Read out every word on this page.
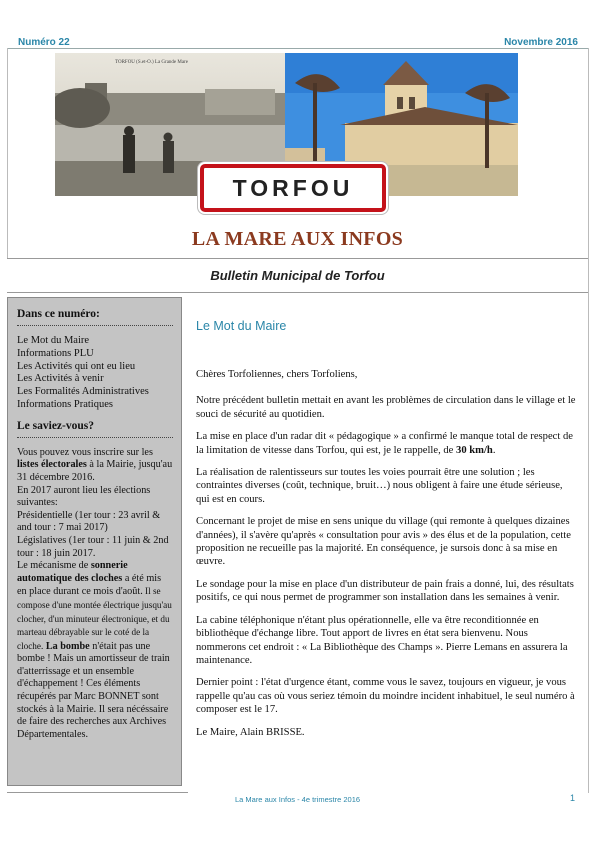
Numéro 22	Novembre 2016
TORFOU (S.et-O.) La Grande Mare
TORFOU
LA MARE AUX INFOS
Bulletin Municipal de Torfou
Dans ce numéro:
Le Mot du Maire
Informations PLU
Les Activités qui ont eu lieu
Les Activités à venir
Les Formalités Administratives
Informations Pratiques
Le saviez-vous?
Vous pouvez vous inscrire sur les listes électorales à la Mairie, jusqu'au 31 décembre 2016.
En 2017 auront lieu les élections suivantes:
Présidentielle (1er tour : 23 avril & and tour : 7 mai 2017)
Législatives (1er tour : 11 juin & 2nd tour : 18 juin 2017.
Le mécanisme de sonnerie automatique des cloches a été mis en place durant ce mois d'août. Il se compose d'une montée électrique jusqu'au clocher, d'un minuteur électronique, et du marteau débrayable sur le coté de la cloche. La bombe n'était pas une bombe ! Mais un amortisseur de train d'atterrissage et un ensemble d'échappement ! Ces éléments récupérés par Marc BONNET sont stockés à la Mairie. Il sera nécéssaire de faire des recherches aux Archives Départementales.
Le Mot du Maire

Chères Torfoliennes, chers Torfoliens,

Notre précédent bulletin mettait en avant les problèmes de circulation dans le village et le souci de sécurité au quotidien.

La mise en place d'un radar dit « pédagogique » a confirmé le manque total de respect de la limitation de vitesse dans Torfou, qui est, je le rappelle, de 30 km/h.

La réalisation de ralentisseurs sur toutes les voies pourrait être une solution ; les contraintes diverses (coût, technique, bruit…) nous obligent à faire une étude sérieuse, qui est en cours.

Concernant le projet de mise en sens unique du village (qui remonte à quelques dizaines d'années), il s'avère qu'après « consultation pour avis » des élus et de la population, cette proposition ne recueille pas la majorité. En conséquence, je sursois donc à sa mise en œuvre.

Le sondage pour la mise en place d'un distributeur de pain frais a donné, lui, des résultats positifs, ce qui nous permet de programmer son installation dans les semaines à venir.

La cabine téléphonique n'étant plus opérationnelle, elle va être reconditionnée en bibliothèque d'échange libre. Tout apport de livres en état sera bienvenu. Nous nommerons cet endroit : « La Bibliothèque des Champs ». Pierre Lemans en assurera la maintenance.

Dernier point : l'état d'urgence étant, comme vous le savez, toujours en vigueur, je vous rappelle qu'au cas où vous seriez témoin du moindre incident inhabituel, le seul numéro à composer est le 17.

Le Maire, Alain BRISSE.

La Mare aux Infos - 4e trimestre 2016	1
